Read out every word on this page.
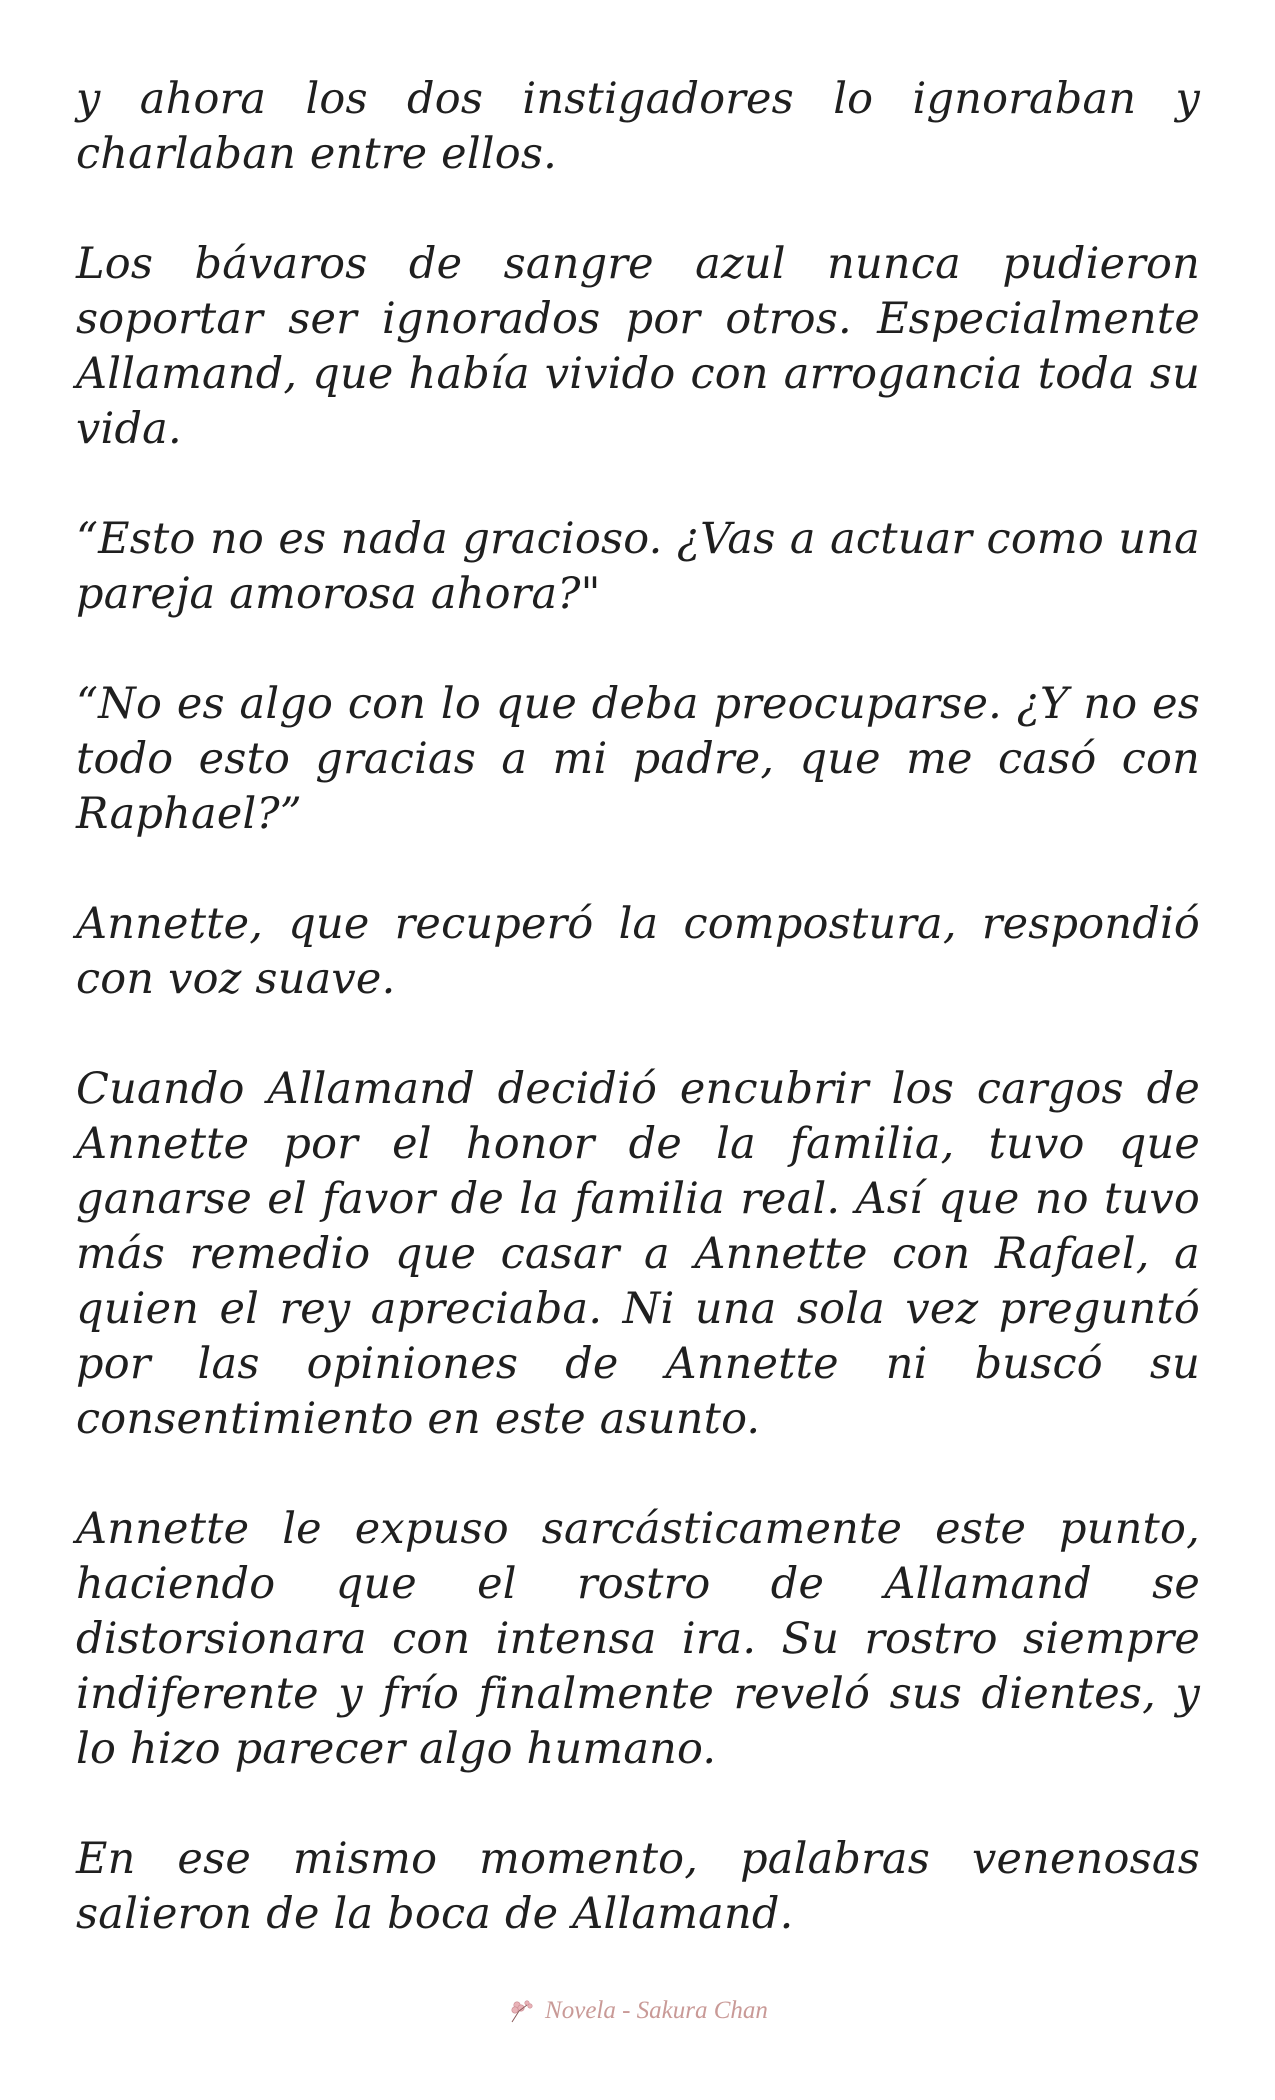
y ahora los dos instigadores lo ignoraban y charlaban entre ellos.

Los bávaros de sangre azul nunca pudieron soportar ser ignorados por otros. Especialmente Allamand, que había vivido con arrogancia toda su vida.

“Esto no es nada gracioso. ¿Vas a actuar como una pareja amorosa ahora?"

“No es algo con lo que deba preocuparse. ¿Y no es todo esto gracias a mi padre, que me casó con Raphael?”

Annette, que recuperó la compostura, respondió con voz suave.

Cuando Allamand decidió encubrir los cargos de Annette por el honor de la familia, tuvo que ganarse el favor de la familia real. Así que no tuvo más remedio que casar a Annette con Rafael, a quien el rey apreciaba. Ni una sola vez preguntó por las opiniones de Annette ni buscó su consentimiento en este asunto.

Annette le expuso sarcásticamente este punto, haciendo que el rostro de Allamand se distorsionara con intensa ira. Su rostro siempre indiferente y frío finalmente reveló sus dientes, y lo hizo parecer algo humano.

En ese mismo momento, palabras venenosas salieron de la boca de Allamand.

Novela - Sakura Chan
